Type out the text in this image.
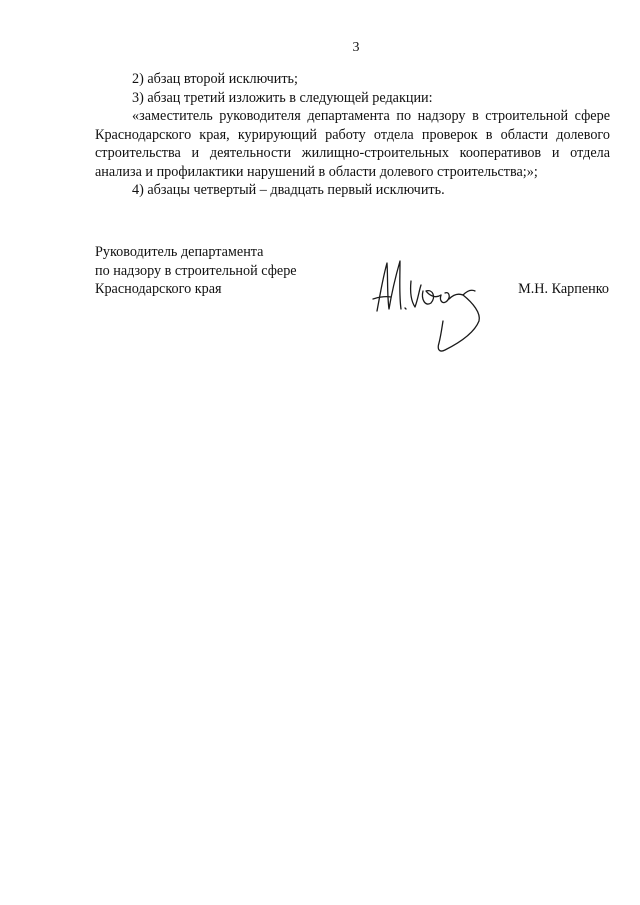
3

2) абзац второй исключить;

3) абзац третий изложить в следующей редакции:

«заместитель руководителя департамента по надзору в строительной сфере Краснодарского края, курирующий работу отдела проверок в области долевого строительства и деятельности жилищно-строительных кооперативов и отдела анализа и профилактики нарушений в области долевого строительства;»;

4) абзацы четвертый – двадцать первый исключить.

Руководитель департамента
по надзору в строительной сфере
Краснодарского края	М.Н. Карпенко
